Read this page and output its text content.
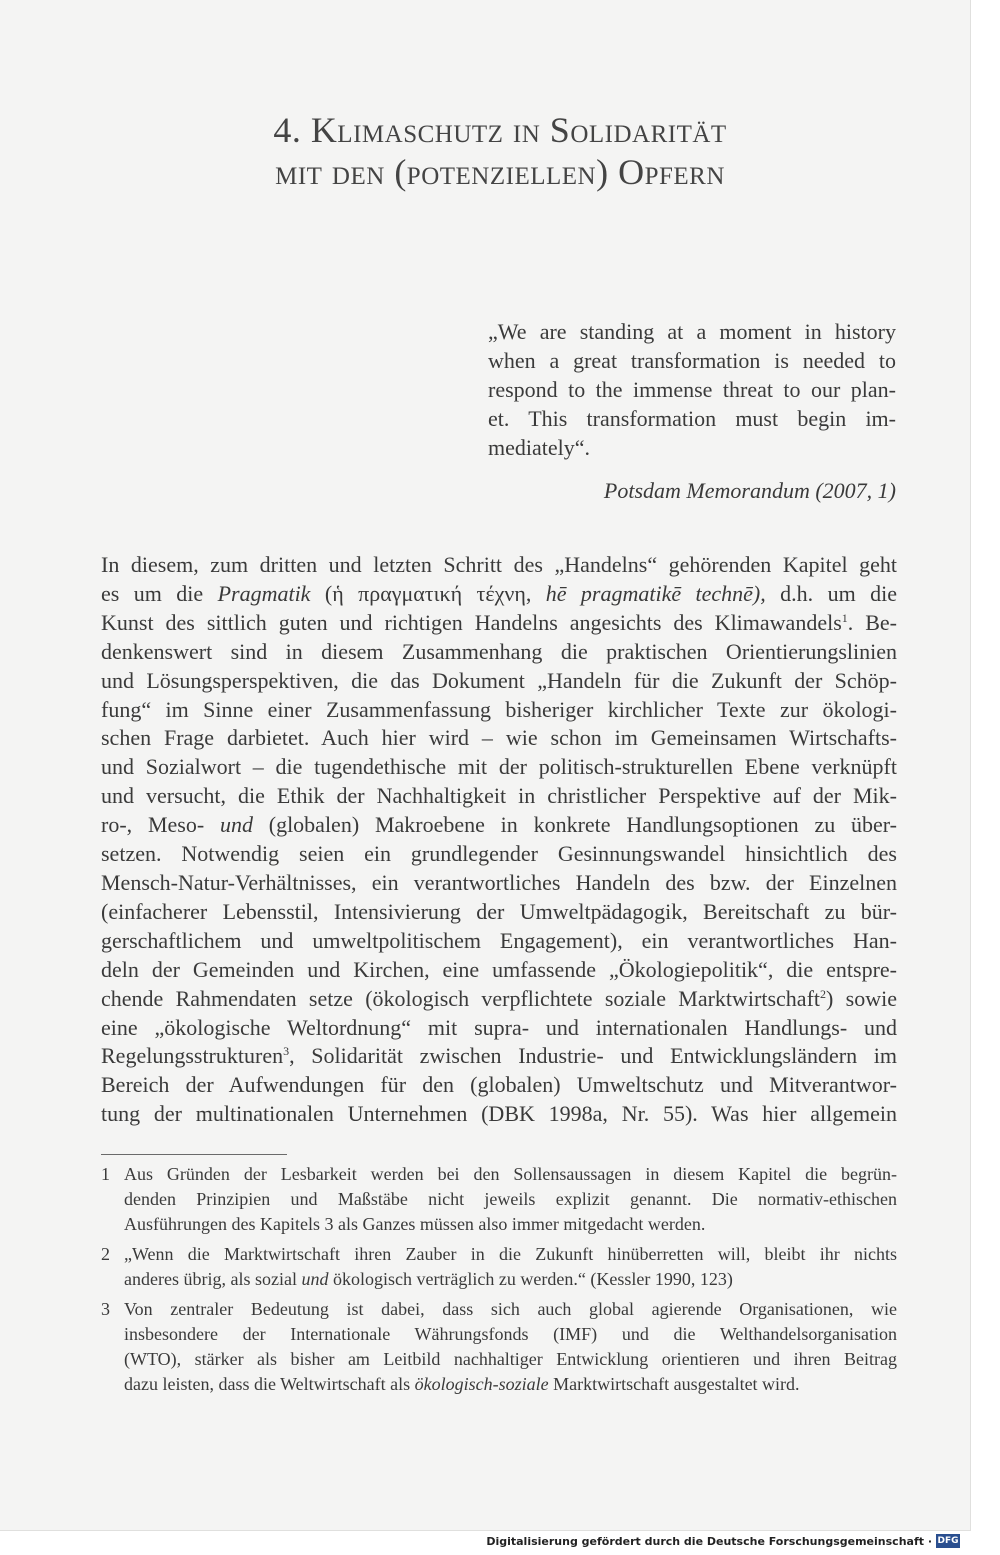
4. Klimaschutz in Solidarität
mit den (potenziellen) Opfern
„We are standing at a moment in history
when a great transformation is needed to
respond to the immense threat to our plan-
et. This transformation must begin im-
mediately“.
Potsdam Memorandum (2007, 1)
In diesem, zum dritten und letzten Schritt des „Handelns“ gehörenden Kapitel geht
es um die Pragmatik (ἡ πραγματική τέχνη, hē pragmatikē technē), d.h. um die
Kunst des sittlich guten und richtigen Handelns angesichts des Klimawandels$^1$. Be-
denkenswert sind in diesem Zusammenhang die praktischen Orientierungslinien
und Lösungsperspektiven, die das Dokument „Handeln für die Zukunft der Schöp-
fung“ im Sinne einer Zusammenfassung bisheriger kirchlicher Texte zur ökologi-
schen Frage darbietet. Auch hier wird – wie schon im Gemeinsamen Wirtschafts-
und Sozialwort – die tugendethische mit der politisch-strukturellen Ebene verknüpft
und versucht, die Ethik der Nachhaltigkeit in christlicher Perspektive auf der Mik-
ro-, Meso- und (globalen) Makroebene in konkrete Handlungsoptionen zu über-
setzen. Notwendig seien ein grundlegender Gesinnungswandel hinsichtlich des
Mensch-Natur-Verhältnisses, ein verantwortliches Handeln des bzw. der Einzelnen
(einfacherer Lebensstil, Intensivierung der Umweltpädagogik, Bereitschaft zu bür-
gerschaftlichem und umweltpolitischem Engagement), ein verantwortliches Han-
deln der Gemeinden und Kirchen, eine umfassende „Ökologiepolitik“, die entspre-
chende Rahmendaten setze (ökologisch verpflichtete soziale Marktwirtschaft$^2$) sowie
eine „ökologische Weltordnung“ mit supra- und internationalen Handlungs- und
Regelungsstrukturen$^3$, Solidarität zwischen Industrie- und Entwicklungsländern im
Bereich der Aufwendungen für den (globalen) Umweltschutz und Mitverantwor-
tung der multinationalen Unternehmen (DBK 1998a, Nr. 55). Was hier allgemein
1 Aus Gründen der Lesbarkeit werden bei den Sollensaussagen in diesem Kapitel die begrün-
denden Prinzipien und Maßstäbe nicht jeweils explizit genannt. Die normativ-ethischen
Ausführungen des Kapitels 3 als Ganzes müssen also immer mitgedacht werden.
2 „Wenn die Marktwirtschaft ihren Zauber in die Zukunft hinüberretten will, bleibt ihr nichts
anderes übrig, als sozial und ökologisch verträglich zu werden.“ (Kessler 1990, 123)
3 Von zentraler Bedeutung ist dabei, dass sich auch global agierende Organisationen, wie
insbesondere der Internationale Währungsfonds (IMF) und die Welthandelsorganisation
(WTO), stärker als bisher am Leitbild nachhaltiger Entwicklung orientieren und ihren Beitrag
dazu leisten, dass die Weltwirtschaft als ökologisch-soziale Marktwirtschaft ausgestaltet wird.
Digitalisierung gefördert durch die Deutsche Forschungsgemeinschaft · DFG
